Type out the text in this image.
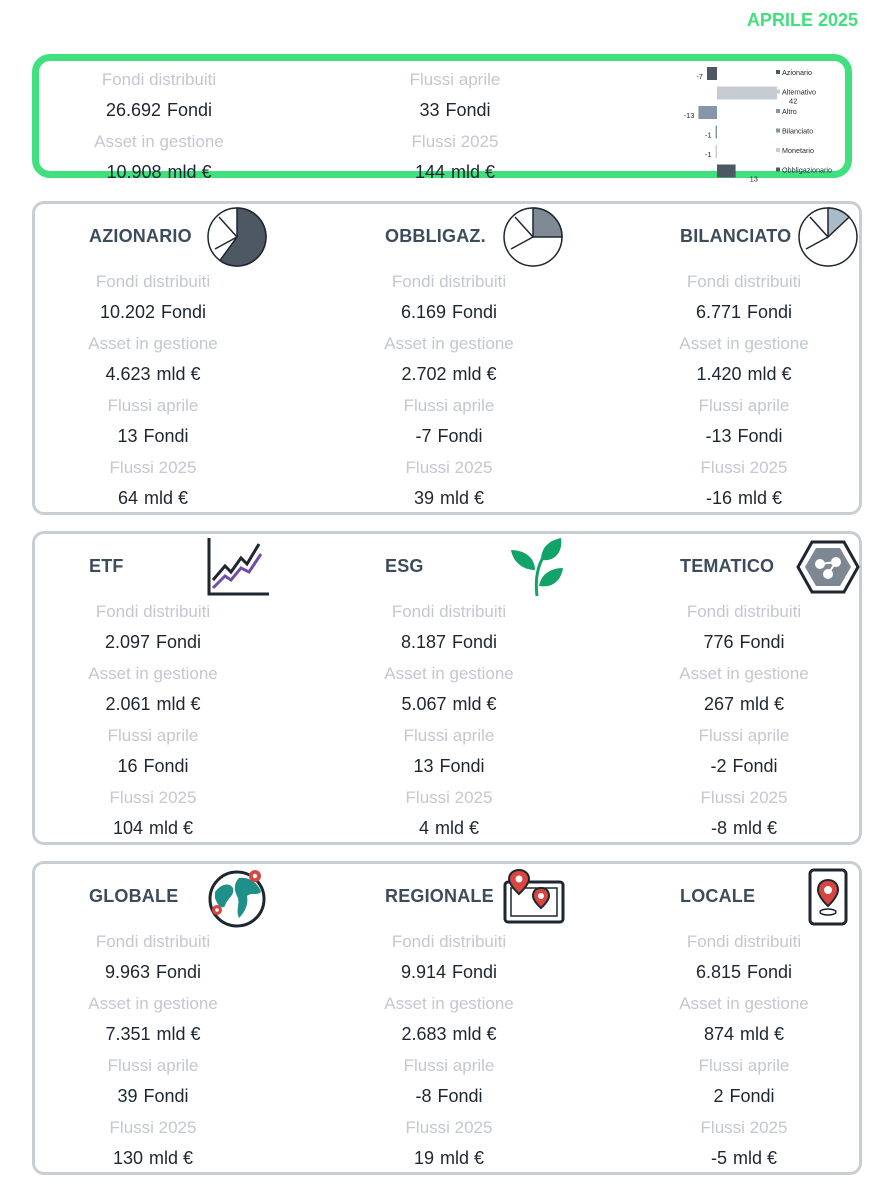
APRILE 2025
Fondi distribuiti
26.692 Fondi
Asset in gestione
10.908 mld €
Flussi aprile
33 Fondi
Flussi 2025
144 mld €
-7	Azionario
42
Alternativo
-13	Altro
-1	Bilanciato
-1	Monetario
13
Obbligazionario
AZIONARIO
Fondi distribuiti
10.202 Fondi
Asset in gestione
4.623 mld €
Flussi aprile
13 Fondi
Flussi 2025
64 mld €
OBBLIGAZ.
Fondi distribuiti
6.169 Fondi
Asset in gestione
2.702 mld €
Flussi aprile
-7 Fondi
Flussi 2025
39 mld €
BILANCIATO
Fondi distribuiti
6.771 Fondi
Asset in gestione
1.420 mld €
Flussi aprile
-13 Fondi
Flussi 2025
-16 mld €
ETF
Fondi distribuiti
2.097 Fondi
Asset in gestione
2.061 mld €
Flussi aprile
16 Fondi
Flussi 2025
104 mld €
ESG
Fondi distribuiti
8.187 Fondi
Asset in gestione
5.067 mld €
Flussi aprile
13 Fondi
Flussi 2025
4 mld €
TEMATICO
Fondi distribuiti
776 Fondi
Asset in gestione
267 mld €
Flussi aprile
-2 Fondi
Flussi 2025
-8 mld €
GLOBALE
Fondi distribuiti
9.963 Fondi
Asset in gestione
7.351 mld €
Flussi aprile
39 Fondi
Flussi 2025
130 mld €
REGIONALE
Fondi distribuiti
9.914 Fondi
Asset in gestione
2.683 mld €
Flussi aprile
-8 Fondi
Flussi 2025
19 mld €
LOCALE
Fondi distribuiti
6.815 Fondi
Asset in gestione
874 mld €
Flussi aprile
2 Fondi
Flussi 2025
-5 mld €
